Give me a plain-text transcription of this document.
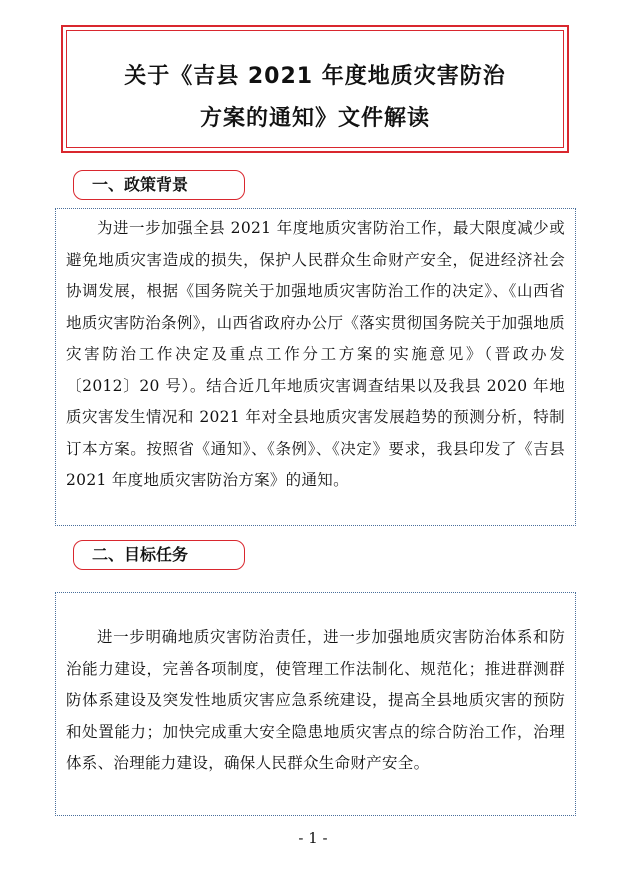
关于《吉县 2021 年度地质灾害防治
方案的通知》文件解读
一、政策背景
为进一步加强全县 2021 年度地质灾害防治工作，最大限度减少或避免地质灾害造成的损失，保护人民群众生命财产安全，促进经济社会协调发展，根据《国务院关于加强地质灾害防治工作的决定》、《山西省地质灾害防治条例》，山西省政府办公厅《落实贯彻国务院关于加强地质灾害防治工作决定及重点工作分工方案的实施意见》（晋政办发〔2012〕20 号）。结合近几年地质灾害调查结果以及我县 2020 年地质灾害发生情况和 2021 年对全县地质灾害发展趋势的预测分析，特制订本方案。按照省《通知》、《条例》、《决定》要求，我县印发了《吉县 2021 年度地质灾害防治方案》的通知。
二、目标任务
进一步明确地质灾害防治责任，进一步加强地质灾害防治体系和防治能力建设，完善各项制度，使管理工作法制化、规范化；推进群测群防体系建设及突发性地质灾害应急系统建设，提高全县地质灾害的预防和处置能力；加快完成重大安全隐患地质灾害点的综合防治工作，治理体系、治理能力建设，确保人民群众生命财产安全。
- 1 -
